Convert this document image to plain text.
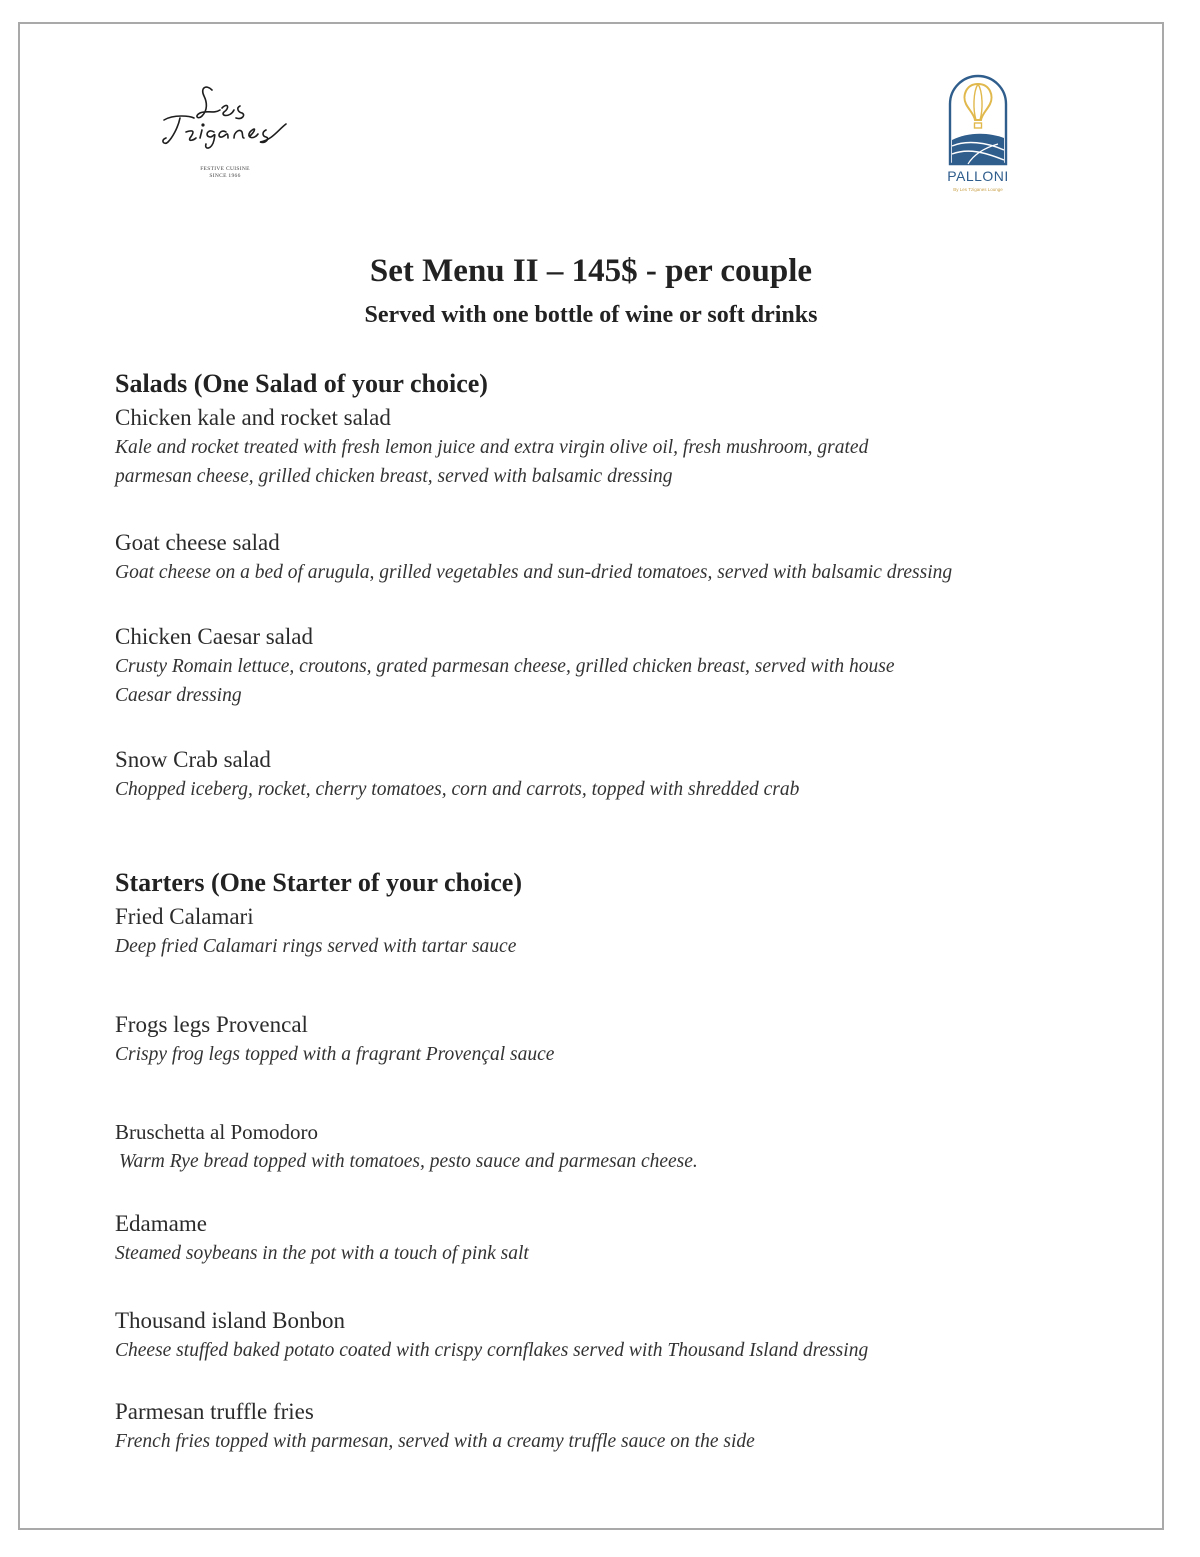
FESTIVE CUISINE
SINCE 1966	PALLONI
By Les Tziganes Lounge
Set Menu II – 145$ - per couple
Served with one bottle of wine or soft drinks
Salads (One Salad of your choice)
Chicken kale and rocket salad
Kale and rocket treated with fresh lemon juice and extra virgin olive oil, fresh mushroom, grated
parmesan cheese, grilled chicken breast, served with balsamic dressing
Goat cheese salad
Goat cheese on a bed of arugula, grilled vegetables and sun-dried tomatoes, served with balsamic dressing
Chicken Caesar salad
Crusty Romain lettuce, croutons, grated parmesan cheese, grilled chicken breast, served with house
Caesar dressing
Snow Crab salad
Chopped iceberg, rocket, cherry tomatoes, corn and carrots, topped with shredded crab
Starters (One Starter of your choice)
Fried Calamari
Deep fried Calamari rings served with tartar sauce
Frogs legs Provencal
Crispy frog legs topped with a fragrant Provençal sauce
Bruschetta al Pomodoro
Warm Rye bread topped with tomatoes, pesto sauce and parmesan cheese.
Edamame
Steamed soybeans in the pot with a touch of pink salt
Thousand island Bonbon
Cheese stuffed baked potato coated with crispy cornflakes served with Thousand Island dressing
Parmesan truffle fries
French fries topped with parmesan, served with a creamy truffle sauce on the side
